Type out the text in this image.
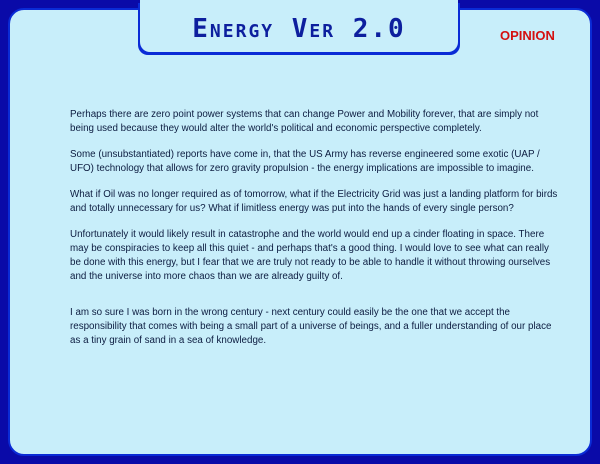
Energy Ver 2.0	OPINION

Perhaps there are zero point power systems that can change Power and Mobility forever, that are simply not being used because they would alter the world's political and economic perspective completely.

Some (unsubstantiated) reports have come in, that the US Army has reverse engineered some exotic (UAP / UFO) technology that allows for zero gravity propulsion - the energy implications are impossible to imagine.

What if Oil was no longer required as of tomorrow, what if the Electricity Grid was just a landing platform for birds and totally unnecessary for us? What if limitless energy was put into the hands of every single person?

Unfortunately it would likely result in catastrophe and the world would end up a cinder floating in space. There may be conspiracies to keep all this quiet - and perhaps that's a good thing. I would love to see what can really be done with this energy, but I fear that we are truly not ready to be able to handle it without throwing ourselves and the universe into more chaos than we are already guilty of.

I am so sure I was born in the wrong century - next century could easily be the one that we accept the responsibility that comes with being a small part of a universe of beings, and a fuller understanding of our place as a tiny grain of sand in a sea of knowledge.
